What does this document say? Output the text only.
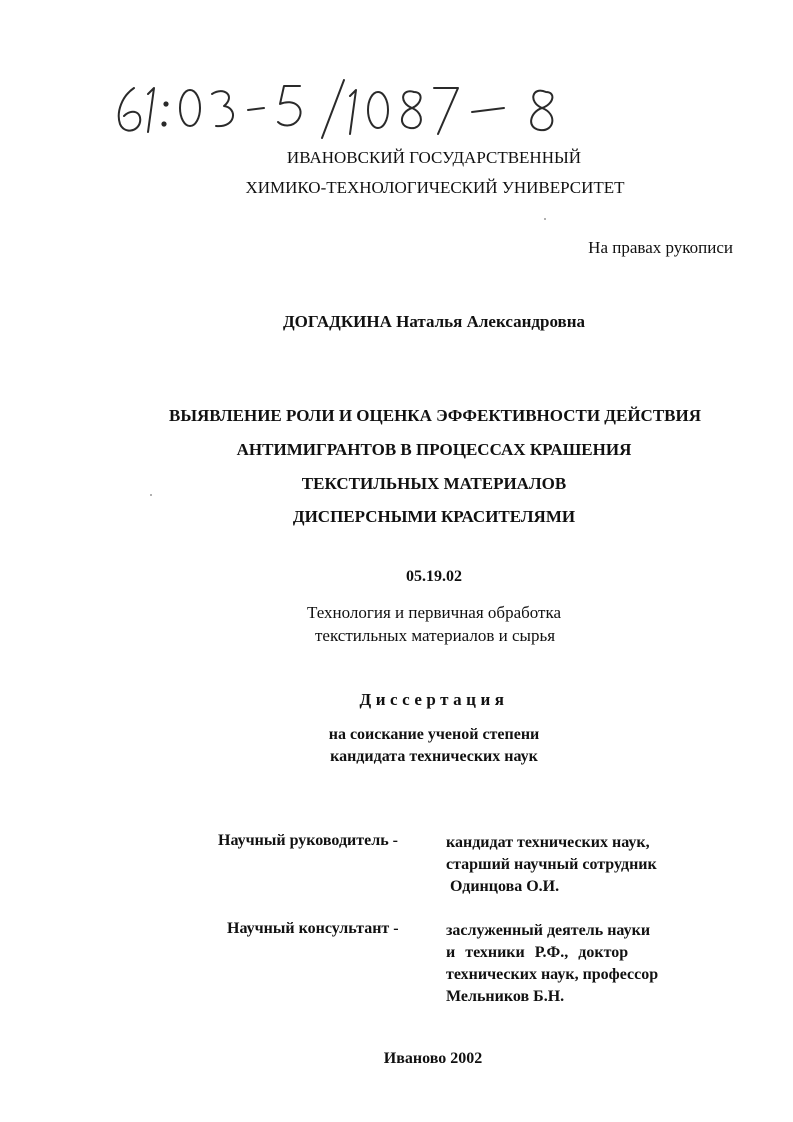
ИВАНОВСКИЙ ГОСУДАРСТВЕННЫЙ
ХИМИКО-ТЕХНОЛОГИЧЕСКИЙ УНИВЕРСИТЕТ
На правах рукописи
ДОГАДКИНА Наталья Александровна
ВЫЯВЛЕНИЕ РОЛИ И ОЦЕНКА ЭФФЕКТИВНОСТИ ДЕЙСТВИЯ
АНТИМИГРАНТОВ В ПРОЦЕССАХ КРАШЕНИЯ
ТЕКСТИЛЬНЫХ МАТЕРИАЛОВ
ДИСПЕРСНЫМИ КРАСИТЕЛЯМИ
05.19.02
Технология и первичная обработка
текстильных материалов и сырья
Диссертация
на соискание ученой степени
кандидата технических наук
Научный руководитель -	кандидат технических наук,
старший научный сотрудник
Одинцова О.И.
Научный консультант -	заслуженный деятель науки
и техники Р.Ф., доктор
технических наук, профессор
Мельников Б.Н.
Иваново 2002
